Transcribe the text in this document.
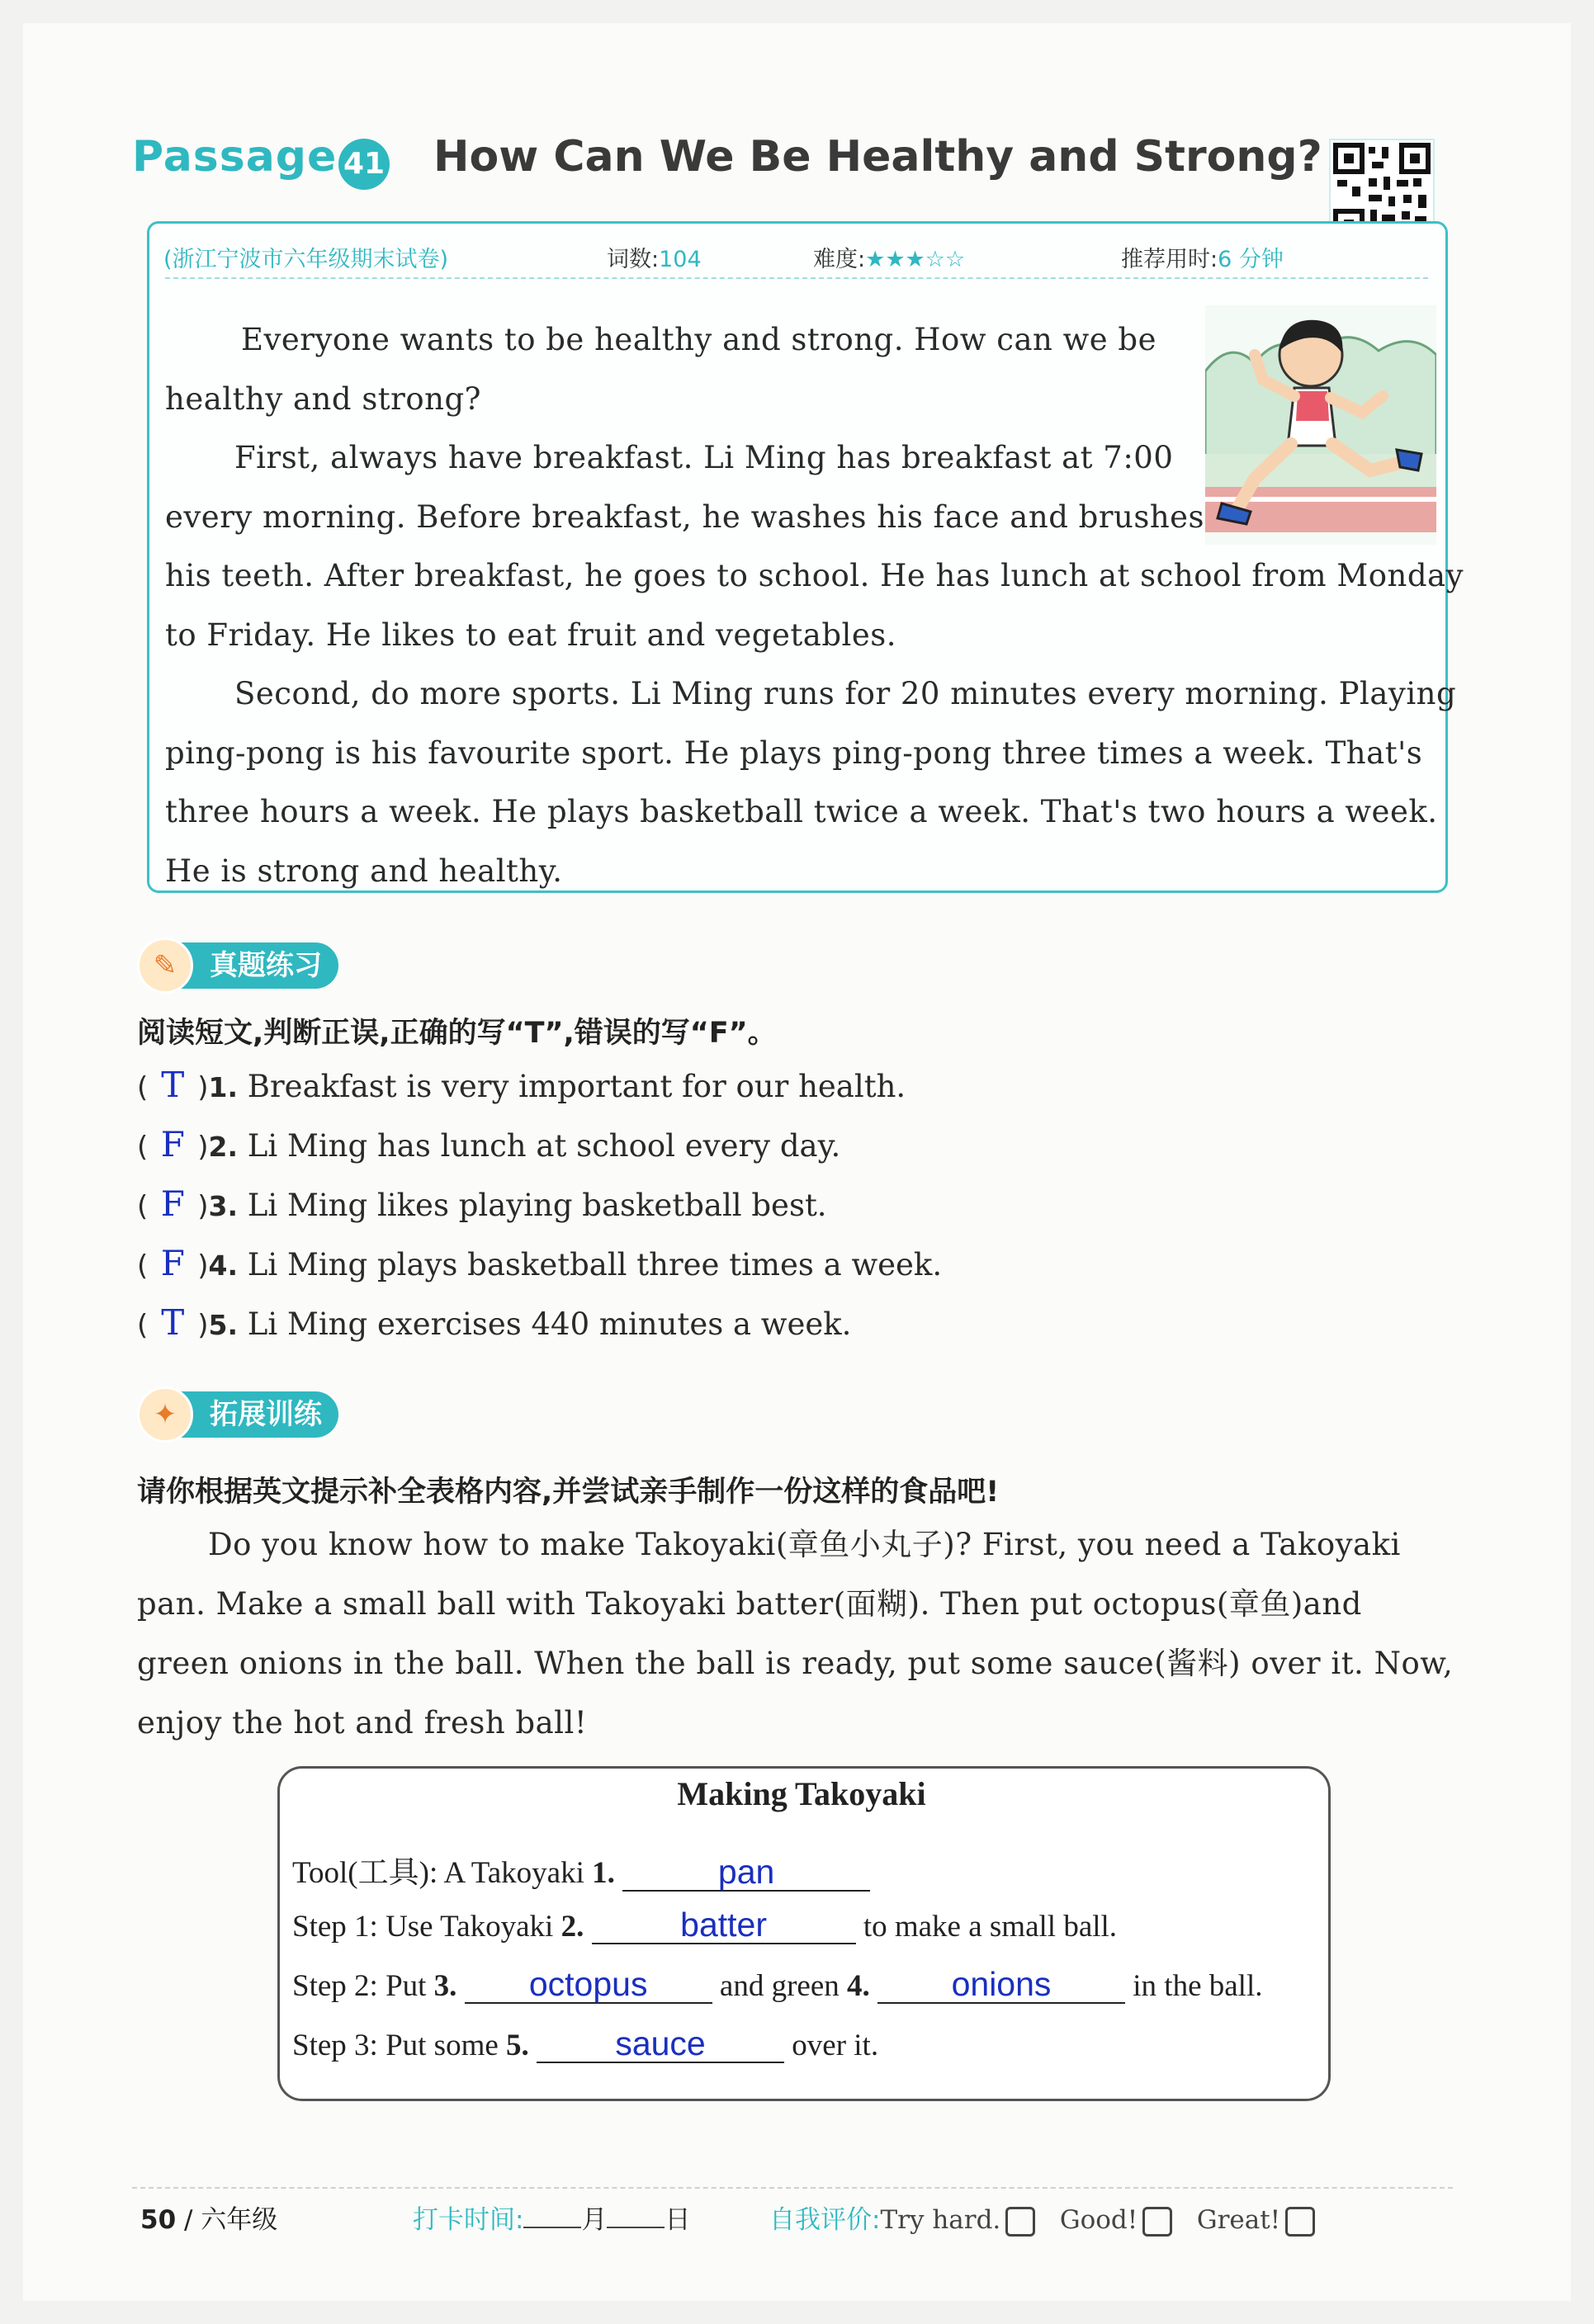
Passage 41 How Can We Be Healthy and Strong?
(浙江宁波市六年级期末试卷)	词数:104	难度:★★★☆☆	推荐用时:6 分钟
Everyone wants to be healthy and strong. How can we be
healthy and strong?
First, always have breakfast. Li Ming has breakfast at 7:00
every morning. Before breakfast, he washes his face and brushes
his teeth. After breakfast, he goes to school. He has lunch at school from Monday
to Friday. He likes to eat fruit and vegetables.
Second, do more sports. Li Ming runs for 20 minutes every morning. Playing
ping-pong is his favourite sport. He plays ping-pong three times a week. That's
three hours a week. He plays basketball twice a week. That's two hours a week.
He is strong and healthy.
真题练习
✎
阅读短文,判断正误,正确的写“T”,错误的写“F”。
( T )1. Breakfast is very important for our health.
( F )2. Li Ming has lunch at school every day.
( F )3. Li Ming likes playing basketball best.
( F )4. Li Ming plays basketball three times a week.
( T )5. Li Ming exercises 440 minutes a week.
拓展训练
✦
请你根据英文提示补全表格内容,并尝试亲手制作一份这样的食品吧!
Do you know how to make Takoyaki(章鱼小丸子)? First, you need a Takoyaki
pan. Make a small ball with Takoyaki batter(面糊). Then put octopus(章鱼)and
green onions in the ball. When the ball is ready, put some sauce(酱料) over it. Now,
enjoy the hot and fresh ball!
Making Takoyaki
Tool(工具): A Takoyaki 1.	pan
Step 1: Use Takoyaki 2.	batter	to make a small ball.
Step 2: Put 3. octopus and green 4. onions	in the ball.
Step 3: Put some 5.	sauce	over it.
50 / 六年级	打卡时间: 月 日	自我评价:Try hard. Good! Great!
